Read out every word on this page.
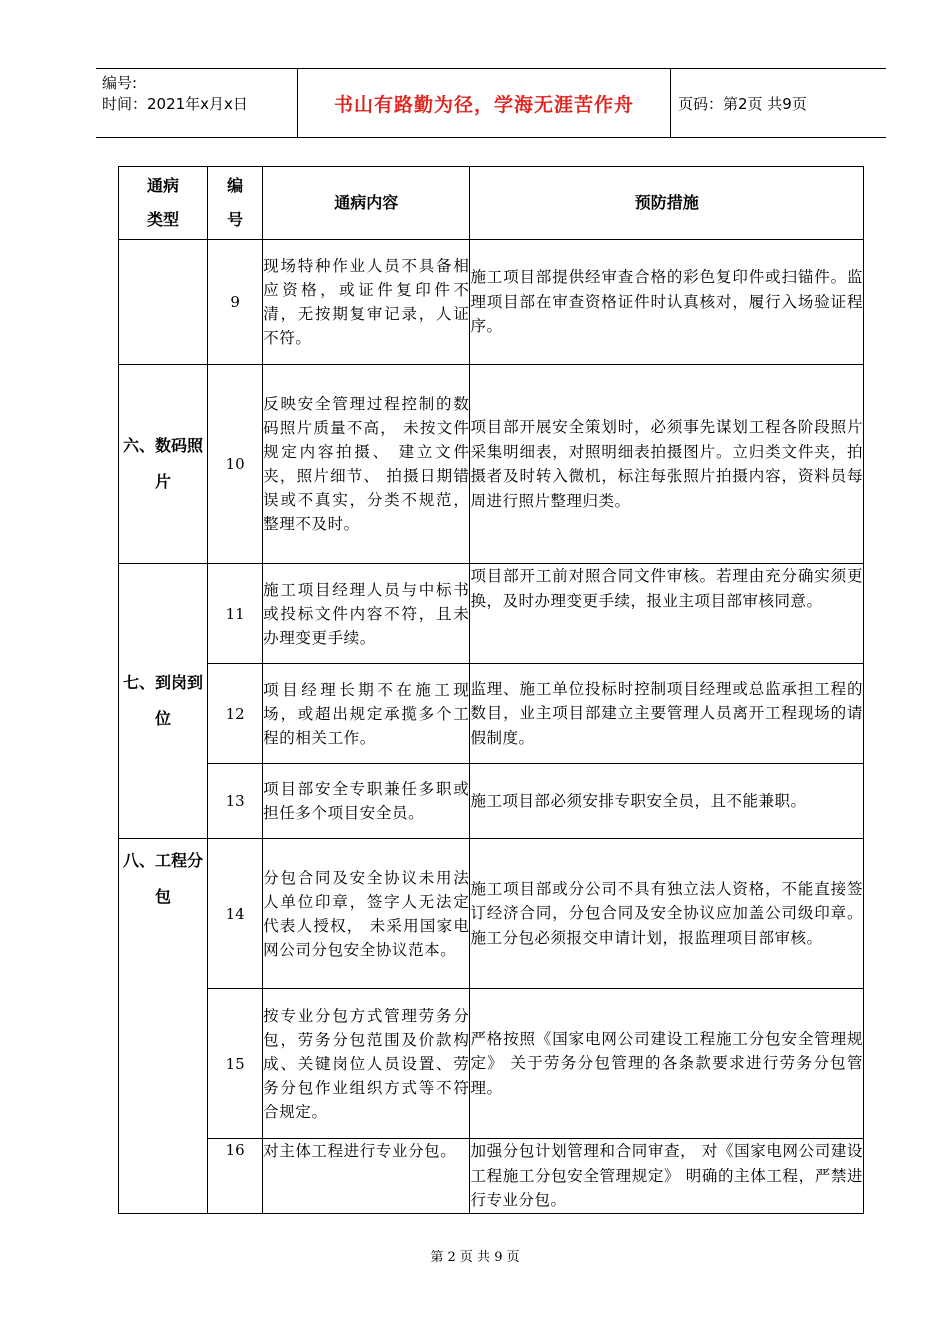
编号:
时间：2021年x月x日	书山有路勤为径，学海无涯苦作舟	页码：第2页 共9页
通病类型	编号	通病内容	预防措施
	9	现场特种作业人员不具备相应资格，或证件复印件不清，无按期复审记录，人证不符。	施工项目部提供经审查合格的彩色复印件或扫锚件。监理项目部在审查资格证件时认真核对，履行入场验证程序。
六、数码照片	10	反映安全管理过程控制的数码照片质量不高， 未按文件规定内容拍摄、 建立文件夹，照片细节、 拍摄日期错误或不真实，分类不规范， 整理不及时。	项目部开展安全策划时，必须事先谋划工程各阶段照片采集明细表，对照明细表拍摄图片。立归类文件夹，拍摄者及时转入微机，标注每张照片拍摄内容，资料员每周进行照片整理归类。
七、到岗到位	11	施工项目经理人员与中标书或投标文件内容不符，且未办理变更手续。	项目部开工前对照合同文件审核。若理由充分确实须更换，及时办理变更手续，报业主项目部审核同意。
	12	项目经理长期不在施工现场，或超出规定承揽多个工程的相关工作。	监理、施工单位投标时控制项目经理或总监承担工程的数目，业主项目部建立主要管理人员离开工程现场的请假制度。
	13	项目部安全专职兼任多职或担任多个项目安全员。	施工项目部必须安排专职安全员，且不能兼职。
八、工程分包	14	分包合同及安全协议未用法人单位印章，签字人无法定代表人授权， 未采用国家电网公司分包安全协议范本。	施工项目部或分公司不具有独立法人资格，不能直接签订经济合同，分包合同及安全协议应加盖公司级印章。施工分包必须报交申请计划，报监理项目部审核。
	15	按专业分包方式管理劳务分包，劳务分包范围及价款构成、关键岗位人员设置、劳务分包作业组织方式等不符合规定。	严格按照《国家电网公司建设工程施工分包安全管理规定》 关于劳务分包管理的各条款要求进行劳务分包管理。
	16	对主体工程进行专业分包。	加强分包计划管理和合同审查， 对《国家电网公司建设工程施工分包安全管理规定》 明确的主体工程，严禁进行专业分包。
第 2 页 共 9 页
